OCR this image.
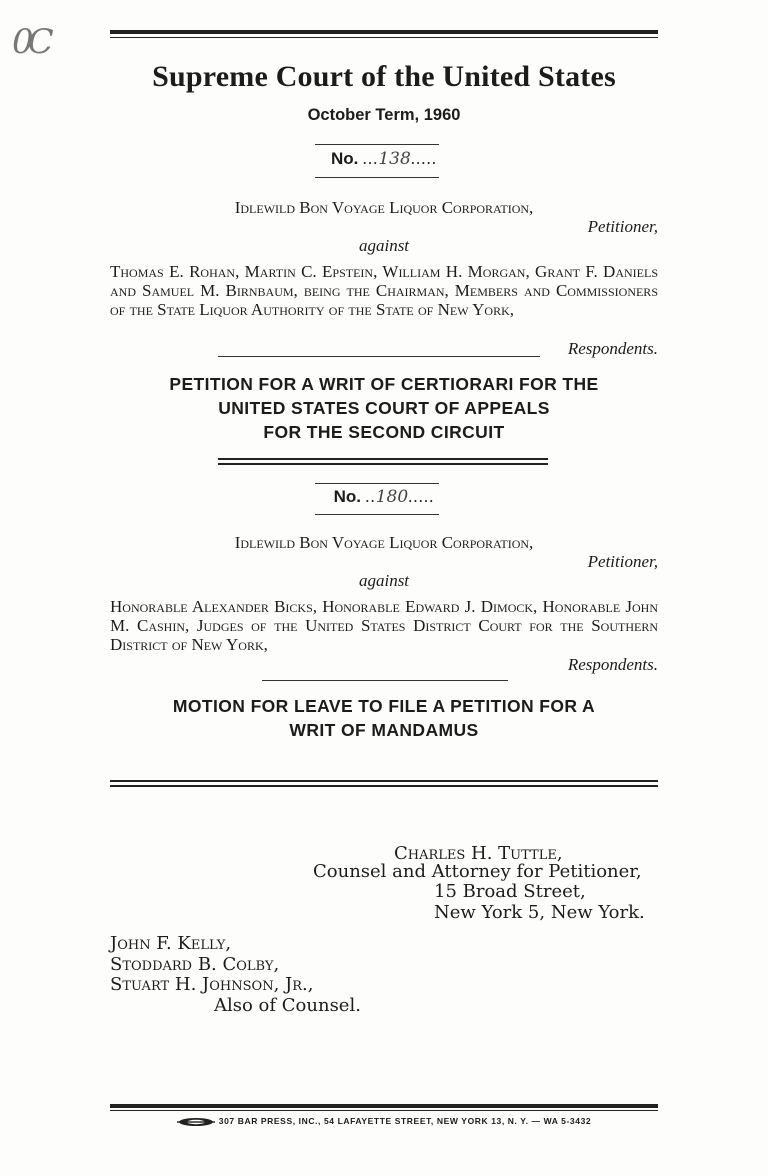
0C
Supreme Court of the United States
October Term, 1960
No. ...138.....
Idlewild Bon Voyage Liquor Corporation,
Petitioner,
against
Thomas E. Rohan, Martin C. Epstein, William H. Morgan, Grant F. Daniels and Samuel M. Birnbaum, being the Chairman, Members and Commissioners of the State Liquor Authority of the State of New York,
Respondents.
PETITION FOR A WRIT OF CERTIORARI FOR THE
UNITED STATES COURT OF APPEALS
FOR THE SECOND CIRCUIT
No. ..180.....
Idlewild Bon Voyage Liquor Corporation,
Petitioner,
against
Honorable Alexander Bicks, Honorable Edward J. Dimock, Honorable John M. Cashin, Judges of the United States District Court for the Southern District of New York,
Respondents.
MOTION FOR LEAVE TO FILE A PETITION FOR A
WRIT OF MANDAMUS
Charles H. Tuttle,
Counsel and Attorney for Petitioner,
15 Broad Street,
New York 5, New York.
John F. Kelly,
Stoddard B. Colby,
Stuart H. Johnson, Jr.,
Also of Counsel.
307 BAR PRESS, INC., 54 LAFAYETTE STREET, NEW YORK 13, N. Y. — WA 5-3432
